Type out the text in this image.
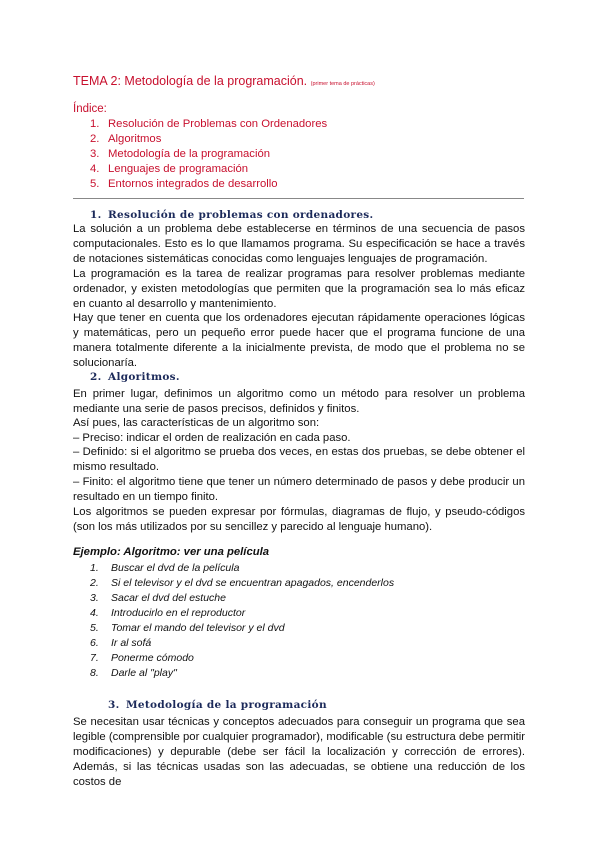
TEMA 2: Metodología de la programación. (primer tema de prácticas)
Índice:
1. Resolución de Problemas con Ordenadores
2. Algoritmos
3. Metodología de la programación
4. Lenguajes de programación
5. Entornos integrados de desarrollo
1. Resolución de problemas con ordenadores.

La solución a un problema debe establecerse en términos de una secuencia de pasos computacionales. Esto es lo que llamamos programa. Su especificación se hace a través de notaciones sistemáticas conocidas como lenguajes lenguajes de programación.

La programación es la tarea de realizar programas para resolver problemas mediante ordenador, y existen metodologías que permiten que la programación sea lo más eficaz en cuanto al desarrollo y mantenimiento.

Hay que tener en cuenta que los ordenadores ejecutan rápidamente operaciones lógicas y matemáticas, pero un pequeño error puede hacer que el programa funcione de una manera totalmente diferente a la inicialmente prevista, de modo que el problema no se solucionaría.

2. Algoritmos.

En primer lugar, definimos un algoritmo como un método para resolver un problema mediante una serie de pasos precisos, definidos y finitos.

Así pues, las características de un algoritmo son:

– Preciso: indicar el orden de realización en cada paso.

– Definido: si el algoritmo se prueba dos veces, en estas dos pruebas, se debe obtener el mismo resultado.

– Finito: el algoritmo tiene que tener un número determinado de pasos y debe producir un resultado en un tiempo finito.

Los algoritmos se pueden expresar por fórmulas, diagramas de flujo, y pseudo-códigos (son los más utilizados por su sencillez y parecido al lenguaje humano).

Ejemplo: Algoritmo: ver una película
1. Buscar el dvd de la película
2. Si el televisor y el dvd se encuentran apagados, encenderlos
3. Sacar el dvd del estuche
4. Introducirlo en el reproductor
5. Tomar el mando del televisor y el dvd
6. Ir al sofá
7. Ponerme cómodo
8. Darle al "play"
3. Metodología de la programación

Se necesitan usar técnicas y conceptos adecuados para conseguir un programa que sea legible (comprensible por cualquier programador), modificable (su estructura debe permitir modificaciones) y depurable (debe ser fácil la localización y corrección de errores). Además, si las técnicas usadas son las adecuadas, se obtiene una reducción de los costos de
